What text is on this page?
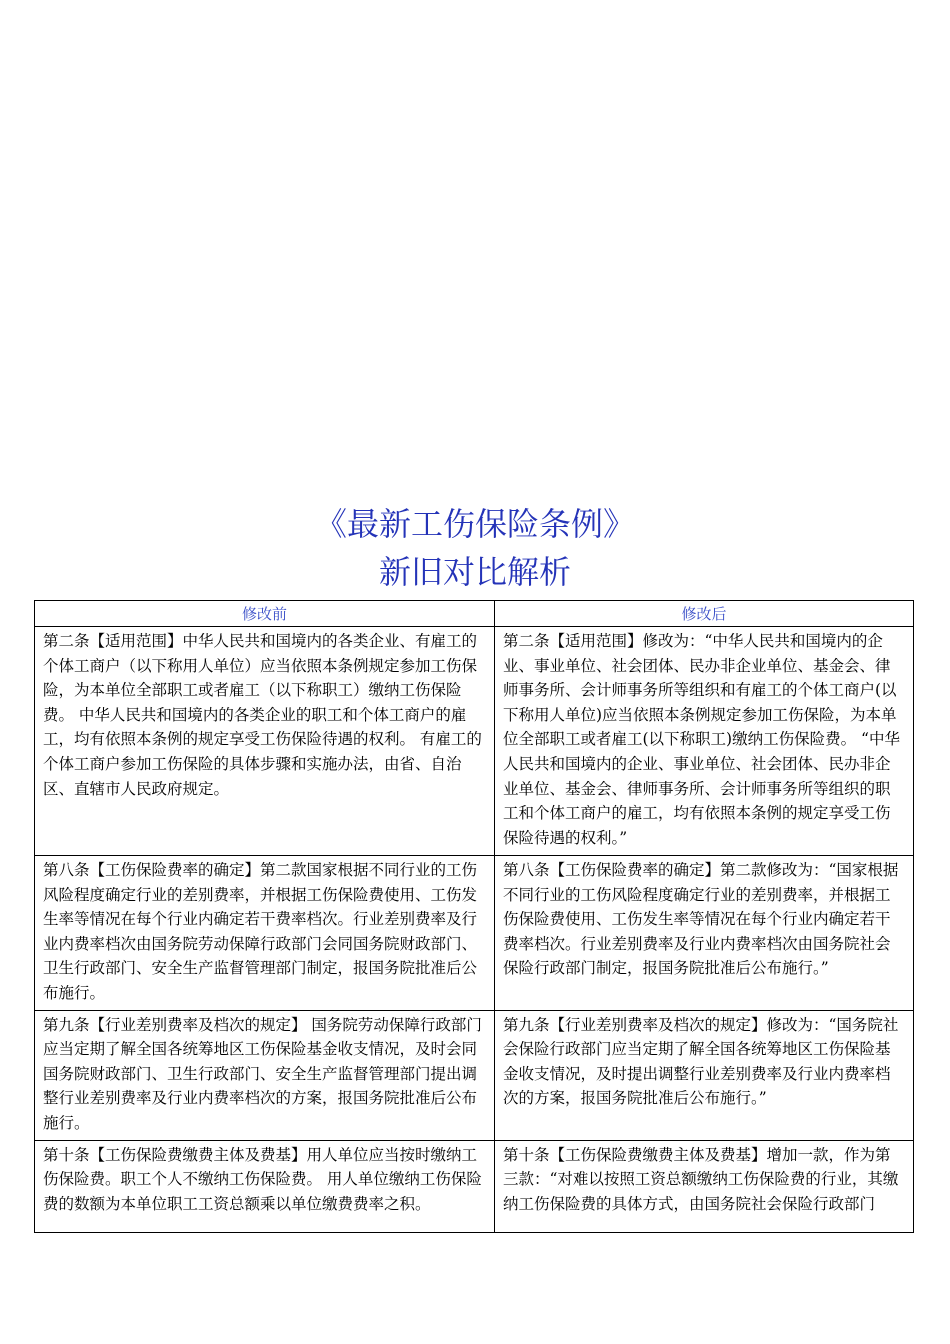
《最新工伤保险条例》
新旧对比解析
修改前	修改后
第二条【适用范围】中华人民共和国境内的各类企业、有雇工的个体工商户（以下称用人单位）应当依照本条例规定参加工伤保险，为本单位全部职工或者雇工（以下称职工）缴纳工伤保险费。 中华人民共和国境内的各类企业的职工和个体工商户的雇工，均有依照本条例的规定享受工伤保险待遇的权利。 有雇工的个体工商户参加工伤保险的具体步骤和实施办法，由省、自治区、直辖市人民政府规定。	第二条【适用范围】修改为：“中华人民共和国境内的企业、事业单位、社会团体、民办非企业单位、基金会、律师事务所、会计师事务所等组织和有雇工的个体工商户(以下称用人单位)应当依照本条例规定参加工伤保险，为本单位全部职工或者雇工(以下称职工)缴纳工伤保险费。 “中华人民共和国境内的企业、事业单位、社会团体、民办非企业单位、基金会、律师事务所、会计师事务所等组织的职工和个体工商户的雇工，均有依照本条例的规定享受工伤保险待遇的权利。”
第八条【工伤保险费率的确定】第二款国家根据不同行业的工伤风险程度确定行业的差别费率，并根据工伤保险费使用、工伤发生率等情况在每个行业内确定若干费率档次。行业差别费率及行业内费率档次由国务院劳动保障行政部门会同国务院财政部门、卫生行政部门、安全生产监督管理部门制定，报国务院批准后公布施行。	第八条【工伤保险费率的确定】第二款修改为：“国家根据不同行业的工伤风险程度确定行业的差别费率，并根据工伤保险费使用、工伤发生率等情况在每个行业内确定若干费率档次。行业差别费率及行业内费率档次由国务院社会保险行政部门制定，报国务院批准后公布施行。”
第九条【行业差别费率及档次的规定】 国务院劳动保障行政部门应当定期了解全国各统筹地区工伤保险基金收支情况，及时会同国务院财政部门、卫生行政部门、安全生产监督管理部门提出调整行业差别费率及行业内费率档次的方案，报国务院批准后公布施行。	第九条【行业差别费率及档次的规定】修改为：“国务院社会保险行政部门应当定期了解全国各统筹地区工伤保险基金收支情况，及时提出调整行业差别费率及行业内费率档次的方案，报国务院批准后公布施行。”
第十条【工伤保险费缴费主体及费基】用人单位应当按时缴纳工伤保险费。职工个人不缴纳工伤保险费。 用人单位缴纳工伤保险费的数额为本单位职工工资总额乘以单位缴费费率之积。	第十条【工伤保险费缴费主体及费基】增加一款，作为第三款：“对难以按照工资总额缴纳工伤保险费的行业，其缴纳工伤保险费的具体方式，由国务院社会保险行政部门
